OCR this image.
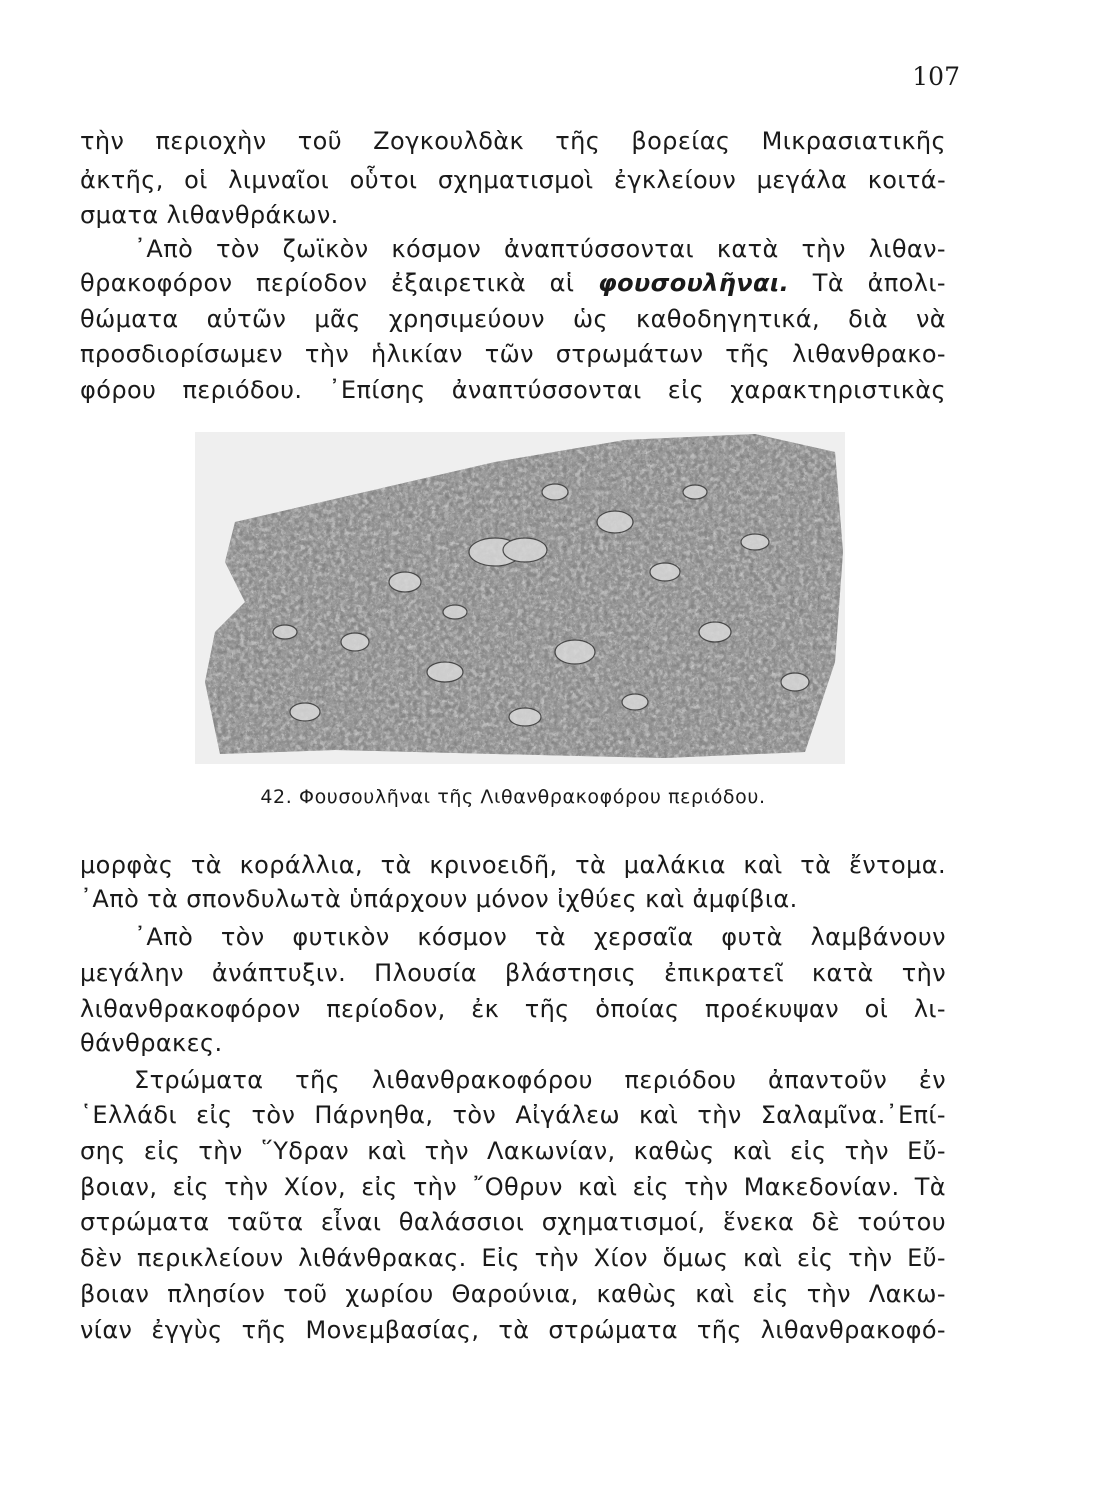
107
τὴν περιοχὴν τοῦ Ζογκουλδὰκ τῆς βορείας Μικρασιατικῆς
ἀκτῆς, οἱ λιμναῖοι οὗτοι σχηματισμοὶ ἐγκλείουν μεγάλα κοιτά-
σματα λιθανθράκων.
᾿Απὸ τὸν ζωϊκὸν κόσμον ἀναπτύσσονται κατὰ τὴν λιθαν-
θρακοφόρον περίοδον ἐξαιρετικὰ αἱ φουσουλῆναι. Τὰ ἀπολι-
θώματα αὐτῶν μᾶς χρησιμεύουν ὡς καθοδηγητικά, διὰ νὰ
προσδιορίσωμεν τὴν ἡλικίαν τῶν στρωμάτων τῆς λιθανθρακο-
φόρου περιόδου. ᾿Επίσης ἀναπτύσσονται εἰς χαρακτηριστικὰς
42. Φουσουλῆναι τῆς Λιθανθρακοφόρου περιόδου.
μορφὰς τὰ κοράλλια, τὰ κρινοειδῆ, τὰ μαλάκια καὶ τὰ ἔντομα.
᾿Απὸ τὰ σπονδυλωτὰ ὑπάρχουν μόνον ἰχθύες καὶ ἀμφίβια.
᾿Απὸ τὸν φυτικὸν κόσμον τὰ χερσαῖα φυτὰ λαμβάνουν
μεγάλην ἀνάπτυξιν. Πλουσία βλάστησις ἐπικρατεῖ κατὰ τὴν
λιθανθρακοφόρον περίοδον, ἐκ τῆς ὁποίας προέκυψαν οἱ λι-
θάνθρακες.
Στρώματα τῆς λιθανθρακοφόρου περιόδου ἀπαντοῦν ἐν
῾Ελλάδι εἰς τὸν Πάρνηθα, τὸν Αἰγάλεω καὶ τὴν Σαλαμῖνα.᾿Επί-
σης εἰς τὴν ῞Υδραν καὶ τὴν Λακωνίαν, καθὼς καὶ εἰς τὴν Εὔ-
βοιαν, εἰς τὴν Χίον, εἰς τὴν ῎Οθρυν καὶ εἰς τὴν Μακεδονίαν. Τὰ
στρώματα ταῦτα εἶναι θαλάσσιοι σχηματισμοί, ἕνεκα δὲ τούτου
δὲν περικλείουν λιθάνθρακας. Εἰς τὴν Χίον ὅμως καὶ εἰς τὴν Εὔ-
βοιαν πλησίον τοῦ χωρίου Θαρούνια, καθὼς καὶ εἰς τὴν Λακω-
νίαν ἐγγὺς τῆς Μονεμβασίας, τὰ στρώματα τῆς λιθανθρακοφό-
